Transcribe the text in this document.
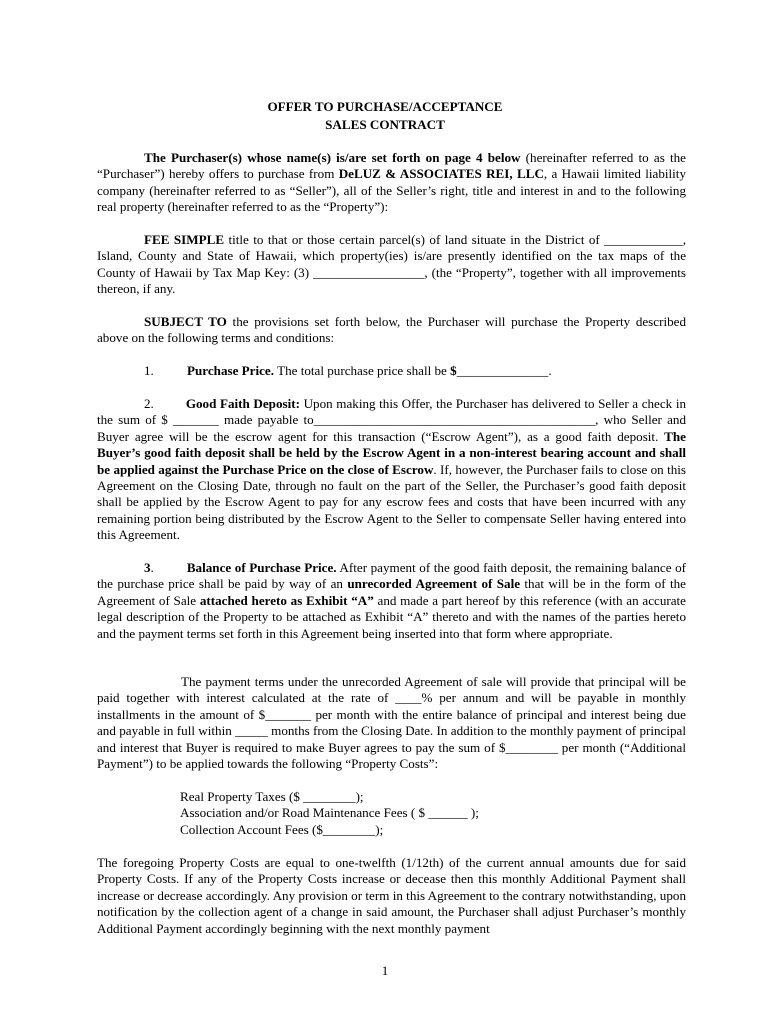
OFFER TO PURCHASE/ACCEPTANCE
SALES CONTRACT
The Purchaser(s) whose name(s) is/are set forth on page 4 below (hereinafter referred to as the “Purchaser”) hereby offers to purchase from DeLUZ & ASSOCIATES REI, LLC, a Hawaii limited liability company (hereinafter referred to as “Seller”), all of the Seller’s right, title and interest in and to the following real property (hereinafter referred to as the “Property”):
FEE SIMPLE title to that or those certain parcel(s) of land situate in the District of ____________, Island, County and State of Hawaii, which property(ies) is/are presently identified on the tax maps of the County of Hawaii by Tax Map Key: (3) _________________, (the “Property”, together with all improvements thereon, if any.
SUBJECT TO the provisions set forth below, the Purchaser will purchase the Property described above on the following terms and conditions:
1.	Purchase Price. The total purchase price shall be $______________.
2. Good Faith Deposit: Upon making this Offer, the Purchaser has delivered to Seller a check in the sum of $ _______ made payable to___________________________________________, who Seller and Buyer agree will be the escrow agent for this transaction (“Escrow Agent”), as a good faith deposit. The Buyer’s good faith deposit shall be held by the Escrow Agent in a non-interest bearing account and shall be applied against the Purchase Price on the close of Escrow. If, however, the Purchaser fails to close on this Agreement on the Closing Date, through no fault on the part of the Seller, the Purchaser’s good faith deposit shall be applied by the Escrow Agent to pay for any escrow fees and costs that have been incurred with any remaining portion being distributed by the Escrow Agent to the Seller to compensate Seller having entered into this Agreement.
3.	Balance of Purchase Price. After payment of the good faith deposit, the remaining balance of the purchase price shall be paid by way of an unrecorded Agreement of Sale that will be in the form of the Agreement of Sale attached hereto as Exhibit “A” and made a part hereof by this reference (with an accurate legal description of the Property to be attached as Exhibit “A” thereto and with the names of the parties hereto and the payment terms set forth in this Agreement being inserted into that form where appropriate.
The payment terms under the unrecorded Agreement of sale will provide that principal will be paid together with interest calculated at the rate of ____% per annum and will be payable in monthly installments in the amount of $_______ per month with the entire balance of principal and interest being due and payable in full within _____ months from the Closing Date. In addition to the monthly payment of principal and interest that Buyer is required to make Buyer agrees to pay the sum of $________ per month (“Additional Payment”) to be applied towards the following “Property Costs”:
Real Property Taxes ($ ________);
Association and/or Road Maintenance Fees ( $ ______ );
Collection Account Fees ($________);
The foregoing Property Costs are equal to one-twelfth (1/12th) of the current annual amounts due for said Property Costs. If any of the Property Costs increase or decease then this monthly Additional Payment shall increase or decrease accordingly. Any provision or term in this Agreement to the contrary notwithstanding, upon notification by the collection agent of a change in said amount, the Purchaser shall adjust Purchaser’s monthly Additional Payment accordingly beginning with the next monthly payment
1
